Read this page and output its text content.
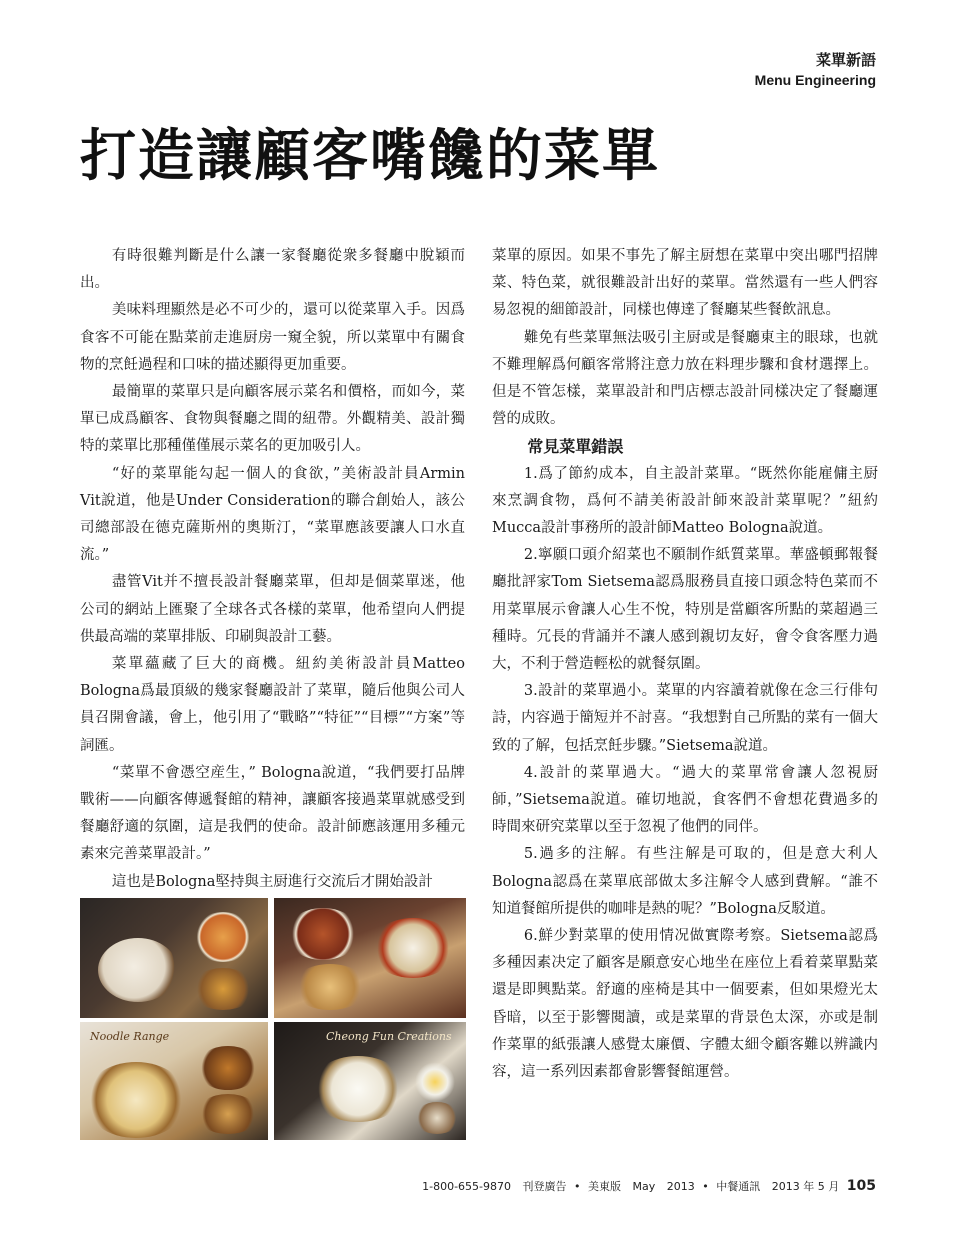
菜單新語
Menu Engineering
打造讓顧客嘴饞的菜單

有時很難判斷是什么讓一家餐廳從衆多餐廳中脫穎而出。

美味料理顯然是必不可少的，還可以從菜單入手。因爲食客不可能在點菜前走進厨房一窺全貌，所以菜單中有關食物的烹飪過程和口味的描述顯得更加重要。

最簡單的菜單只是向顧客展示菜名和價格，而如今，菜單已成爲顧客、食物與餐廳之間的紐帶。外觀精美、設計獨特的菜單比那種僅僅展示菜名的更加吸引人。

“好的菜單能勾起一個人的食欲，”美術設計員Armin Vit說道，他是Under Consideration的聯合創始人，該公司總部設在德克薩斯州的奧斯汀，“菜單應該要讓人口水直流。”

盡管Vit并不擅長設計餐廳菜單，但却是個菜單迷，他公司的網站上匯聚了全球各式各樣的菜單，他希望向人們提供最高端的菜單排版、印刷與設計工藝。

菜單蘊藏了巨大的商機。紐約美術設計員Matteo Bologna爲最頂級的幾家餐廳設計了菜單，隨后他與公司人員召開會議，會上，他引用了“戰略”“特征”“目標”“方案”等詞匯。

“菜單不會憑空産生，” Bologna說道，“我們要打品牌戰術——向顧客傳遞餐館的精神，讓顧客接過菜單就感受到餐廳舒適的氛圍，這是我們的使命。設計師應該運用多種元素來完善菜單設計。”

這也是Bologna堅持與主厨進行交流后才開始設計

Noodle Range	Cheong Fun Creations

菜單的原因。如果不事先了解主厨想在菜單中突出哪門招牌菜、特色菜，就很難設計出好的菜單。當然還有一些人們容易忽視的細節設計，同樣也傳達了餐廳某些餐飲訊息。

難免有些菜單無法吸引主厨或是餐廳東主的眼球，也就不難理解爲何顧客常將注意力放在料理步驟和食材選擇上。但是不管怎樣，菜單設計和門店標志設計同樣决定了餐廳運營的成敗。

常見菜單錯誤

1.爲了節約成本，自主設計菜單。“既然你能雇傭主厨來烹調食物，爲何不請美術設計師來設計菜單呢？”紐約Mucca設計事務所的設計師Matteo Bologna說道。

2.寧願口頭介紹菜也不願制作紙質菜單。華盛頓郵報餐廳批評家Tom Sietsema認爲服務員直接口頭念特色菜而不用菜單展示會讓人心生不悅，特別是當顧客所點的菜超過三種時。冗長的背誦并不讓人感到親切友好，會令食客壓力過大，不利于營造輕松的就餐氛圍。

3.設計的菜單過小。菜單的内容讀着就像在念三行俳句詩，内容過于簡短并不討喜。“我想對自己所點的菜有一個大致的了解，包括烹飪步驟。”Sietsema說道。

4.設計的菜單過大。“過大的菜單常會讓人忽視厨師，”Sietsema說道。確切地説，食客們不會想花費過多的時間來研究菜單以至于忽視了他們的同伴。

5.過多的注解。有些注解是可取的，但是意大利人Bologna認爲在菜單底部做太多注解令人感到費解。“誰不知道餐館所提供的咖啡是熱的呢？”Bologna反駁道。

6.鮮少對菜單的使用情况做實際考察。Sietsema認爲多種因素决定了顧客是願意安心地坐在座位上看着菜單點菜還是即興點菜。舒適的座椅是其中一個要素，但如果燈光太昏暗，以至于影響閱讀，或是菜單的背景色太深，亦或是制作菜單的紙張讓人感覺太廉價、字體太細令顧客難以辨識内容，這一系列因素都會影響餐館運營。

1-800-655-9870 刊登廣告 • 美東版 May 2013 • 中餐通訊 2013 年 5 月 105
